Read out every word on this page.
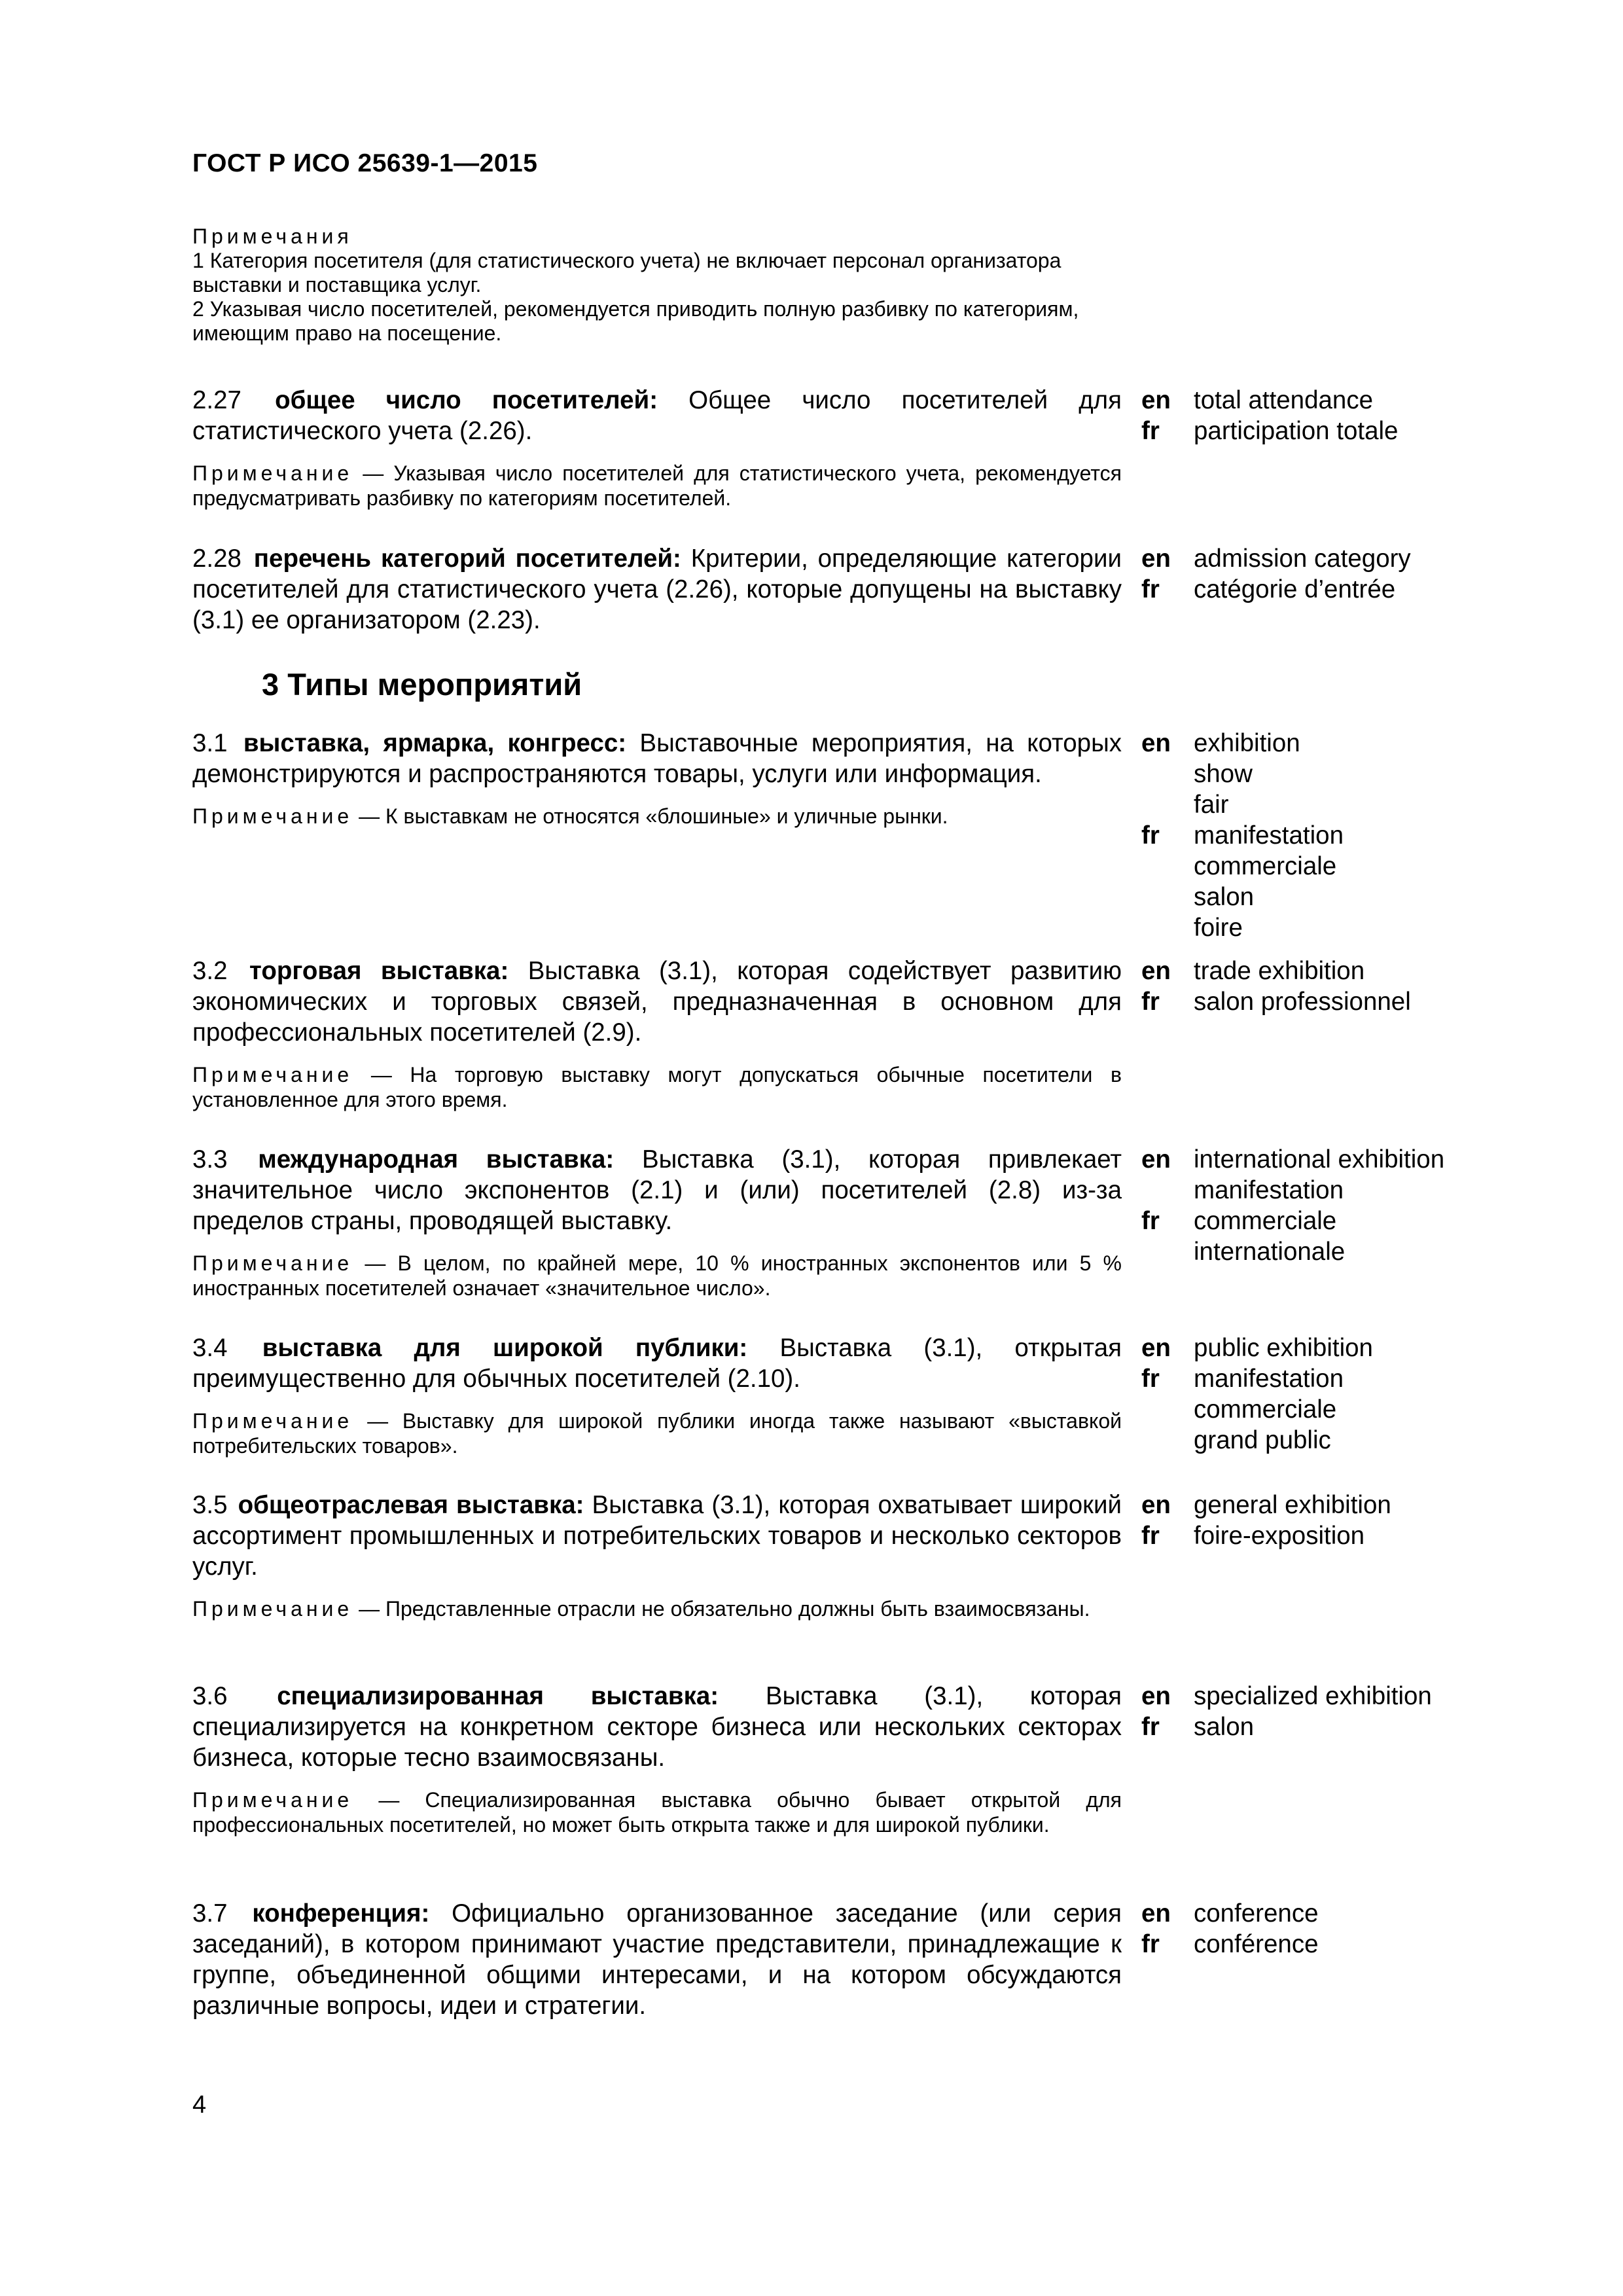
ГОСТ Р ИСО 25639-1—2015
Примечания
1 Категория посетителя (для статистического учета) не включает персонал организатора выставки и поставщика услуг.
2 Указывая число посетителей, рекомендуется приводить полную разбивку по категориям, имеющим право на посещение.
2.27 общее число посетителей: Общее число посетителей для статистического учета (2.26).
Примечание — Указывая число посетителей для статистического учета, рекомендуется предусматривать разбивку по категориям посетителей.
en total attendance
fr	participation totale
2.28 перечень категорий посетителей: Критерии, определяющие категории посетителей для статистического учета (2.26), которые допущены на выставку (3.1) ее организатором (2.23).
en admission category
fr	catégorie d’entrée
3 Типы мероприятий
3.1 выставка, ярмарка, конгресс: Выставочные мероприятия, на которых демонстрируются и распространяются товары, услуги или информация.
Примечание — К выставкам не относятся «блошиные» и уличные рынки.
en exhibition
show
fair
fr	manifestation
commerciale
salon
foire
3.2 торговая выставка: Выставка (3.1), которая содействует развитию экономических и торговых связей, предназначенная в основном для профессиональных посетителей (2.9).
Примечание — На торговую выставку могут допускаться обычные посетители в установленное для этого время.
en trade exhibition
fr	salon professionnel
3.3 международная выставка: Выставка (3.1), которая привлекает значительное число экспонентов (2.1) и (или) посетителей (2.8) из-за пределов страны, проводящей выставку.
Примечание — В целом, по крайней мере, 10 % иностранных экспонентов или 5 % иностранных посетителей означает «значительное число».
en international exhibition
manifestation
fr	commerciale
internationale
3.4 выставка для широкой публики: Выставка (3.1), открытая преимущественно для обычных посетителей (2.10).
Примечание — Выставку для широкой публики иногда также называют «выставкой потребительских товаров».
en public exhibition
fr	manifestation
commerciale
grand public
3.5 общеотраслевая выставка: Выставка (3.1), которая охватывает широкий ассортимент промышленных и потребительских товаров и несколько секторов услуг.
Примечание — Представленные отрасли не обязательно должны быть взаимосвязаны.
en general exhibition
fr	foire-exposition
3.6 специализированная выставка: Выставка (3.1), которая специализируется на конкретном секторе бизнеса или нескольких секторах бизнеса, которые тесно взаимосвязаны.
Примечание — Специализированная выставка обычно бывает открытой для профессиональных посетителей, но может быть открыта также и для широкой публики.
en specialized exhibition
fr	salon
3.7 конференция: Официально организованное заседание (или серия заседаний), в котором принимают участие представители, принадлежащие к группе, объединенной общими интересами, и на котором обсуждаются различные вопросы, идеи и стратегии.
en conference
fr	conférence
4
